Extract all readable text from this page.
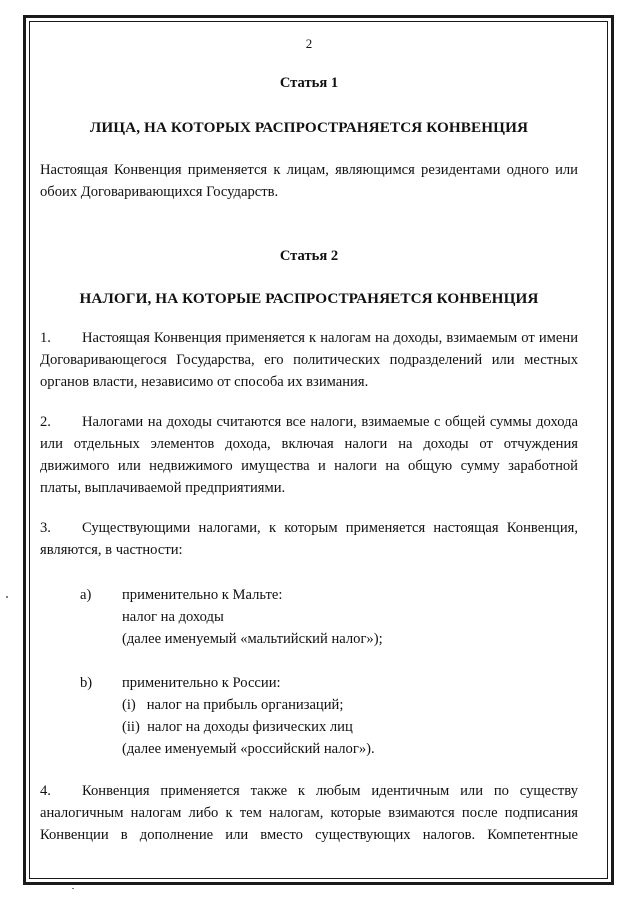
2
Статья 1
ЛИЦА, НА КОТОРЫХ РАСПРОСТРАНЯЕТСЯ КОНВЕНЦИЯ

Настоящая Конвенция применяется к лицам, являющимся резидентами одного или обоих Договаривающихся Государств.

Статья 2
НАЛОГИ, НА КОТОРЫЕ РАСПРОСТРАНЯЕТСЯ КОНВЕНЦИЯ

1. Настоящая Конвенция применяется к налогам на доходы, взимаемым от имени Договаривающегося Государства, его политических подразделений или местных органов власти, независимо от способа их взимания.

2. Налогами на доходы считаются все налоги, взимаемые с общей суммы дохода или отдельных элементов дохода, включая налоги на доходы от отчуждения движимого или недвижимого имущества и налоги на общую сумму заработной платы, выплачиваемой предприятиями.

3. Существующими налогами, к которым применяется настоящая Конвенция, являются, в частности:

a) применительно к Мальте:
налог на доходы
(далее именуемый «мальтийский налог»);
b) применительно к России:
(i)   налог на прибыль организаций;
(ii)  налог на доходы физических лиц
(далее именуемый «российский налог»).

4. Конвенция применяется также к любым идентичным или по существу аналогичным налогам либо к тем налогам, которые взимаются после подписания Конвенции в дополнение или вместо существующих налогов. Компетентные
